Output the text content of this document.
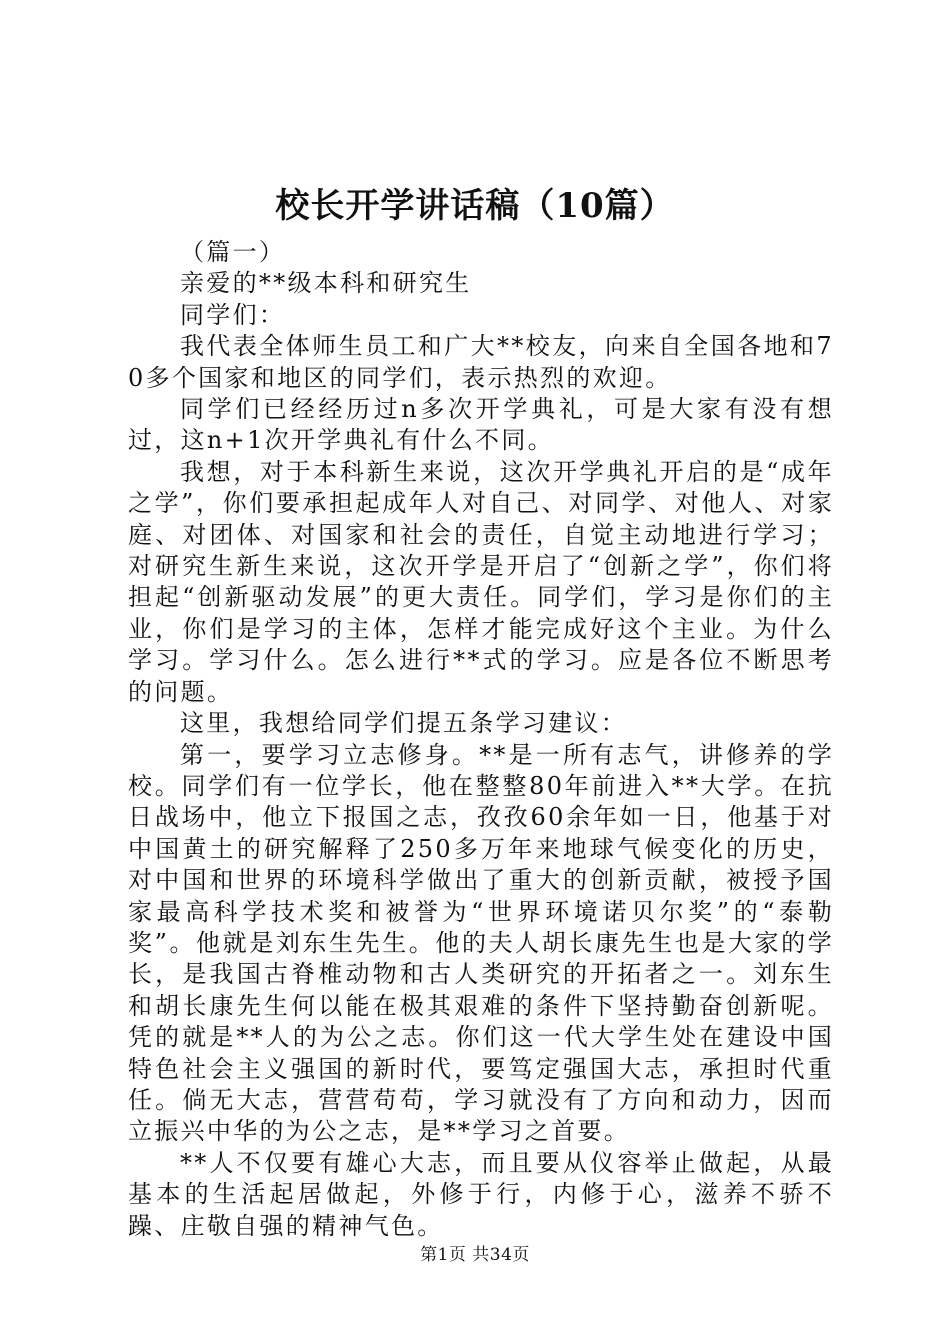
校长开学讲话稿（10篇）

（篇一）

亲爱的**级本科和研究生

同学们：

我代表全体师生员工和广大**校友，向来自全国各地和70多个国家和地区的同学们，表示热烈的欢迎。

同学们已经经历过n多次开学典礼，可是大家有没有想过，这n+1次开学典礼有什么不同。

我想，对于本科新生来说，这次开学典礼开启的是“成年之学”，你们要承担起成年人对自己、对同学、对他人、对家庭、对团体、对国家和社会的责任，自觉主动地进行学习；对研究生新生来说，这次开学是开启了“创新之学”，你们将担起“创新驱动发展”的更大责任。同学们，学习是你们的主业，你们是学习的主体，怎样才能完成好这个主业。为什么学习。学习什么。怎么进行**式的学习。应是各位不断思考的问题。

这里，我想给同学们提五条学习建议：

第一，要学习立志修身。**是一所有志气，讲修养的学校。同学们有一位学长，他在整整80年前进入**大学。在抗日战场中，他立下报国之志，孜孜60余年如一日，他基于对中国黄土的研究解释了250多万年来地球气候变化的历史，对中国和世界的环境科学做出了重大的创新贡献，被授予国家最高科学技术奖和被誉为“世界环境诺贝尔奖”的“泰勒奖”。他就是刘东生先生。他的夫人胡长康先生也是大家的学长，是我国古脊椎动物和古人类研究的开拓者之一。刘东生和胡长康先生何以能在极其艰难的条件下坚持勤奋创新呢。凭的就是**人的为公之志。你们这一代大学生处在建设中国特色社会主义强国的新时代，要笃定强国大志，承担时代重任。倘无大志，营营苟苟，学习就没有了方向和动力，因而立振兴中华的为公之志，是**学习之首要。

**人不仅要有雄心大志，而且要从仪容举止做起，从最基本的生活起居做起，外修于行，内修于心，滋养不骄不躁、庄敬自强的精神气色。

第1页 共34页
